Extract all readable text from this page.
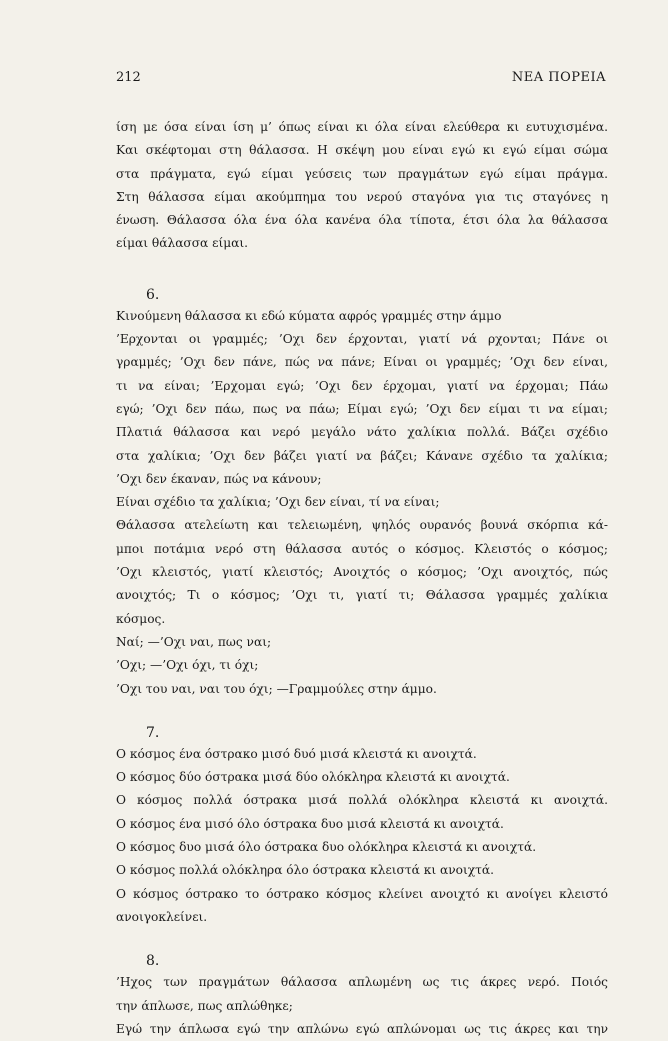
212	ΝΕΑ ΠΟΡΕΙΑ
ίση με όσα είναι ίση μ’ όπως είναι κι όλα είναι ελεύθερα κι ευτυχισμένα.
Και σκέφτομαι στη θάλασσα. Η σκέψη μου είναι εγώ κι εγώ είμαι σώμα
στα πράγματα, εγώ είμαι γεύσεις των πραγμάτων εγώ είμαι πράγμα.
Στη θάλασσα είμαι ακούμπημα του νερού σταγόνα για τις σταγόνες η
ένωση. Θάλασσα όλα ένα όλα κανένα όλα τίποτα, έτσι όλα λα θάλασσα
είμαι θάλασσα είμαι.
6.
Κινούμενη θάλασσα κι εδώ κύματα αφρός γραμμές στην άμμο
’Ερχονται οι γραμμές; ’Οχι δεν έρχονται, γιατί νά ρχονται; Πάνε οι
γραμμές; ’Οχι δεν πάνε, πώς να πάνε; Είναι οι γραμμές; ’Οχι δεν είναι,
τι να είναι; ’Ερχομαι εγώ; ’Οχι δεν έρχομαι, γιατί να έρχομαι; Πάω
εγώ; ’Οχι δεν πάω, πως να πάω; Είμαι εγώ; ’Οχι δεν είμαι τι να είμαι;
Πλατιά θάλασσα και νερό μεγάλο νάτο χαλίκια πολλά. Βάζει σχέδιο
στα χαλίκια; ’Οχι δεν βάζει γιατί να βάζει; Κάνανε σχέδιο τα χαλίκια;
’Οχι δεν έκαναν, πώς να κάνουν;
Είναι σχέδιο τα χαλίκια; ’Οχι δεν είναι, τί να είναι;
Θάλασσα ατελείωτη και τελειωμένη, ψηλός ουρανός βουνά σκόρπια κά-
μποι ποτάμια νερό στη θάλασσα αυτός ο κόσμος. Κλειστός ο κόσμος;
’Οχι κλειστός, γιατί κλειστός; Ανοιχτός ο κόσμος; ’Οχι ανοιχτός, πώς
ανοιχτός; Τι ο κόσμος; ’Οχι τι, γιατί τι; Θάλασσα γραμμές χαλίκια
κόσμος.
Ναί; —’Οχι ναι, πως ναι;
’Οχι; —’Οχι όχι, τι όχι;
’Οχι του ναι, ναι του όχι; —Γραμμούλες στην άμμο.
7.
Ο κόσμος ένα όστρακο μισό δυό μισά κλειστά κι ανοιχτά.
Ο κόσμος δύο όστρακα μισά δύο ολόκληρα κλειστά κι ανοιχτά.
Ο κόσμος πολλά όστρακα μισά πολλά ολόκληρα κλειστά κι ανοιχτά.
Ο κόσμος ένα μισό όλο όστρακα δυο μισά κλειστά κι ανοιχτά.
Ο κόσμος δυο μισά όλο όστρακα δυο ολόκληρα κλειστά κι ανοιχτά.
Ο κόσμος πολλά ολόκληρα όλο όστρακα κλειστά κι ανοιχτά.
Ο κόσμος όστρακο το όστρακο κόσμος κλείνει ανοιχτό κι ανοίγει κλειστό
ανοιγοκλείνει.
8.
’Ηχος των πραγμάτων θάλασσα απλωμένη ως τις άκρες νερό. Ποιός
την άπλωσε, πως απλώθηκε;
Εγώ την άπλωσα εγώ την απλώνω εγώ απλώνομαι ως τις άκρες και την
